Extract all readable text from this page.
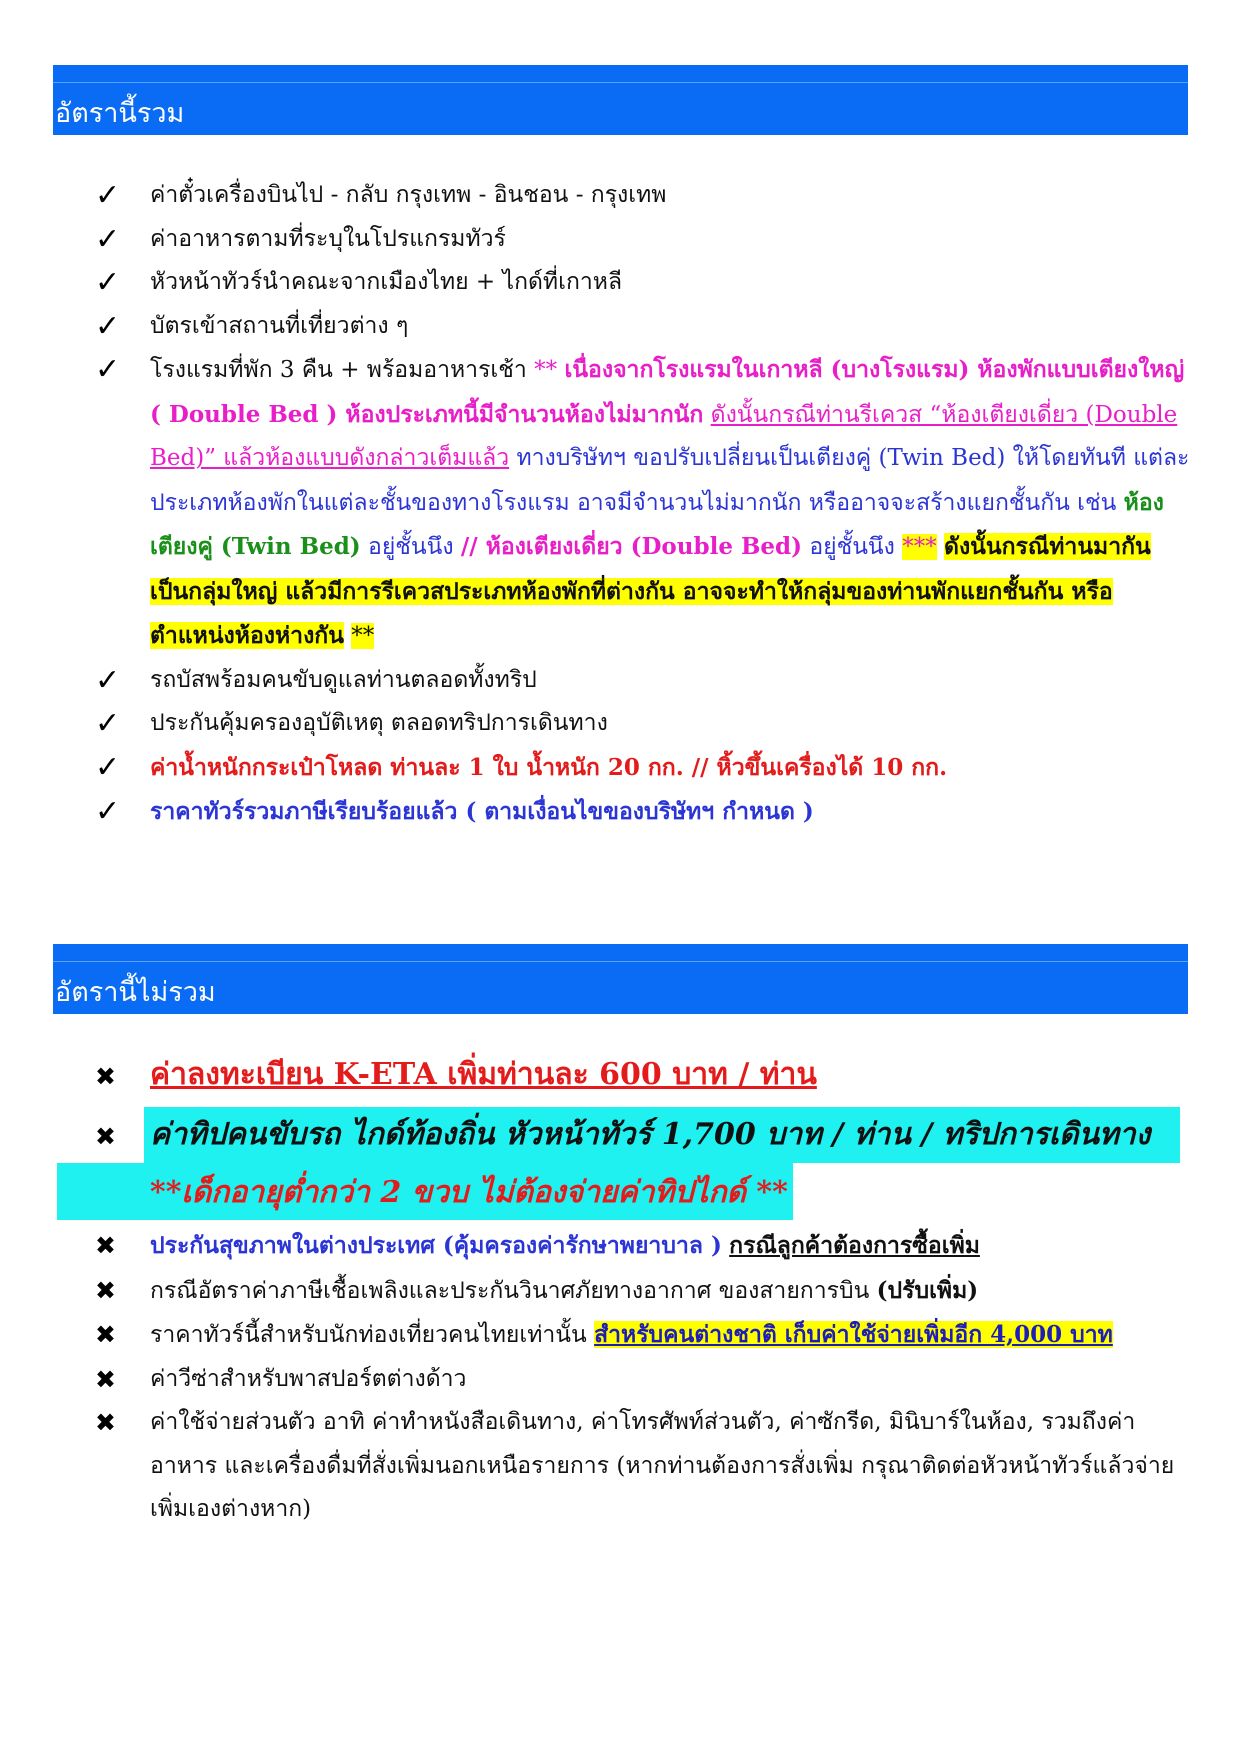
อัตรานี้รวม
✓	ค่าตั๋วเครื่องบินไป - กลับ กรุงเทพ - อินชอน - กรุงเทพ
✓	ค่าอาหารตามที่ระบุในโปรแกรมทัวร์
✓	หัวหน้าทัวร์นำคณะจากเมืองไทย + ไกด์ที่เกาหลี
✓	บัตรเข้าสถานที่เที่ยวต่าง ๆ
✓	โรงแรมที่พัก 3 คืน + พร้อมอาหารเช้า ** เนื่องจากโรงแรมในเกาหลี (บางโรงแรม) ห้องพักแบบเตียงใหญ่ ( Double Bed ) ห้องประเภทนี้มีจำนวนห้องไม่มากนัก ดังนั้นกรณีท่านรีเควส “ห้องเตียงเดี่ยว (Double Bed)” แล้วห้องแบบดังกล่าวเต็มแล้ว ทางบริษัทฯ ขอปรับเปลี่ยนเป็นเตียงคู่ (Twin Bed) ให้โดยทันที แต่ละประเภทห้องพักในแต่ละชั้นของทางโรงแรม อาจมีจำนวนไม่มากนัก หรืออาจจะสร้างแยกชั้นกัน เช่น ห้องเตียงคู่ (Twin Bed) อยู่ชั้นนึง // ห้องเตียงเดี่ยว (Double Bed) อยู่ชั้นนึง *** ดังนั้นกรณีท่านมากันเป็นกลุ่มใหญ่ แล้วมีการรีเควสประเภทห้องพักที่ต่างกัน อาจจะทำให้กลุ่มของท่านพักแยกชั้นกัน หรือ ตำแหน่งห้องห่างกัน **
✓	รถบัสพร้อมคนขับดูแลท่านตลอดทั้งทริป
✓	ประกันคุ้มครองอุบัติเหตุ ตลอดทริปการเดินทาง
✓	ค่าน้ำหนักกระเป๋าโหลด ท่านละ 1 ใบ น้ำหนัก 20 กก. // หิ้วขึ้นเครื่องได้ 10 กก.
✓	ราคาทัวร์รวมภาษีเรียบร้อยแล้ว ( ตามเงื่อนไขของบริษัทฯ กำหนด )
อัตรานี้ไม่รวม
✖	ค่าลงทะเบียน K-ETA เพิ่มท่านละ 600 บาท / ท่าน
✖	ค่าทิปคนขับรถ ไกด์ท้องถิ่น หัวหน้าทัวร์ 1,700 บาท / ท่าน / ทริปการเดินทาง
**เด็กอายุต่ำกว่า 2 ขวบ ไม่ต้องจ่ายค่าทิปไกด์ **
✖	ประกันสุขภาพในต่างประเทศ (คุ้มครองค่ารักษาพยาบาล ) กรณีลูกค้าต้องการซื้อเพิ่ม
✖	กรณีอัตราค่าภาษีเชื้อเพลิงและประกันวินาศภัยทางอากาศ ของสายการบิน (ปรับเพิ่ม)
✖	ราคาทัวร์นี้สำหรับนักท่องเที่ยวคนไทยเท่านั้น สำหรับคนต่างชาติ เก็บค่าใช้จ่ายเพิ่มอีก 4,000 บาท
✖	ค่าวีซ่าสำหรับพาสปอร์ตต่างด้าว
✖	ค่าใช้จ่ายส่วนตัว อาทิ ค่าทำหนังสือเดินทาง, ค่าโทรศัพท์ส่วนตัว, ค่าซักรีด, มินิบาร์ในห้อง, รวมถึงค่าอาหาร และเครื่องดื่มที่สั่งเพิ่มนอกเหนือรายการ (หากท่านต้องการสั่งเพิ่ม กรุณาติดต่อหัวหน้าทัวร์แล้วจ่ายเพิ่มเองต่างหาก)
